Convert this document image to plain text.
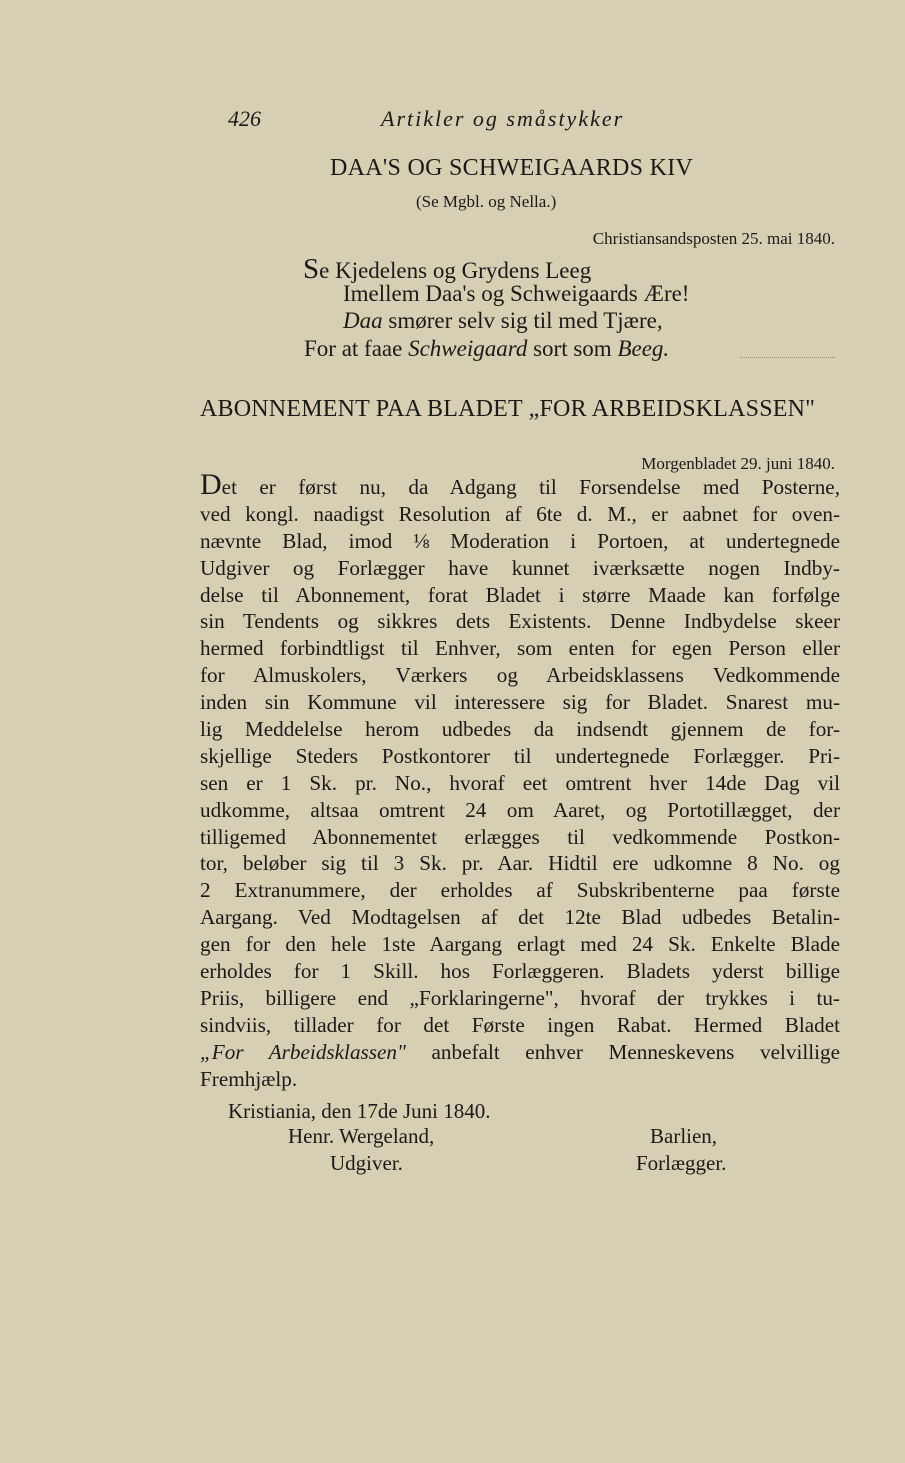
426	Artikler og småstykker
DAA'S OG SCHWEIGAARDS KIV
(Se Mgbl. og Nella.)
Christiansandsposten 25. mai 1840.
Se Kjedelens og Grydens Leeg
Imellem Daa's og Schweigaards Ære!
Daa smører selv sig til med Tjære,
For at faae Schweigaard sort som Beeg.
ABONNEMENT PAA BLADET „FOR ARBEIDSKLASSEN"
Morgenbladet 29. juni 1840.
Det er først nu, da Adgang til Forsendelse med Posterne,
ved kongl. naadigst Resolution af 6te d. M., er aabnet for oven-
nævnte Blad, imod ⅛ Moderation i Portoen, at undertegnede
Udgiver og Forlægger have kunnet iværksætte nogen Indby-
delse til Abonnement, forat Bladet i større Maade kan forfølge
sin Tendents og sikkres dets Existents. Denne Indbydelse skeer
hermed forbindtligst til Enhver, som enten for egen Person eller
for Almuskolers, Værkers og Arbeidsklassens Vedkommende
inden sin Kommune vil interessere sig for Bladet. Snarest mu-
lig Meddelelse herom udbedes da indsendt gjennem de for-
skjellige Steders Postkontorer til undertegnede Forlægger. Pri-
sen er 1 Sk. pr. No., hvoraf eet omtrent hver 14de Dag vil
udkomme, altsaa omtrent 24 om Aaret, og Portotillægget, der
tilligemed Abonnementet erlægges til vedkommende Postkon-
tor, beløber sig til 3 Sk. pr. Aar. Hidtil ere udkomne 8 No. og
2 Extranummere, der erholdes af Subskribenterne paa første
Aargang. Ved Modtagelsen af det 12te Blad udbedes Betalin-
gen for den hele 1ste Aargang erlagt med 24 Sk. Enkelte Blade
erholdes for 1 Skill. hos Forlæggeren. Bladets yderst billige
Priis, billigere end „Forklaringerne", hvoraf der trykkes i tu-
sindviis, tillader for det Første ingen Rabat. Hermed Bladet
„For Arbeidsklassen" anbefalt enhver Menneskevens velvillige
Fremhjælp.
Kristiania, den 17de Juni 1840.
Henr. Wergeland,	Barlien,
Udgiver.	Forlægger.
